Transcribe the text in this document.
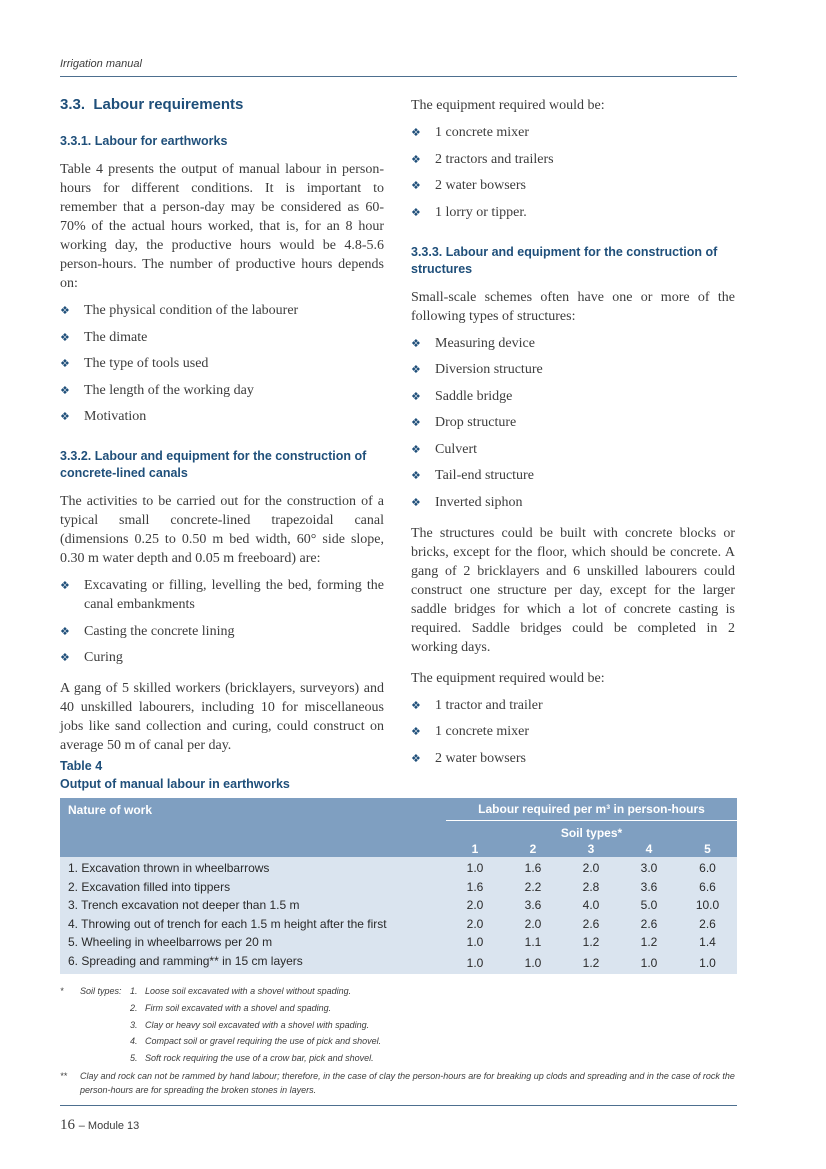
Irrigation manual
3.3.  Labour requirements
3.3.1. Labour for earthworks

Table 4 presents the output of manual labour in person-hours for different conditions. It is important to remember that a person-day may be considered as 60-70% of the actual hours worked, that is, for an 8 hour working day, the productive hours would be 4.8-5.6 person-hours. The number of productive hours depends on:

❖ The physical condition of the labourer
❖ The dimate
❖ The type of tools used
❖ The length of the working day
❖ Motivation
3.3.2. Labour and equipment for the construction of concrete-lined canals

The activities to be carried out for the construction of a typical small concrete-lined trapezoidal canal (dimensions 0.25 to 0.50 m bed width, 60° side slope, 0.30 m water depth and 0.05 m freeboard) are:

❖ Excavating or filling, levelling the bed, forming the canal embankments
❖ Casting the concrete lining
❖ Curing

A gang of 5 skilled workers (bricklayers, surveyors) and 40 unskilled labourers, including 10 for miscellaneous jobs like sand collection and curing, could construct on average 50 m of canal per day.

The equipment required would be:

❖ 1 concrete mixer
❖ 2 tractors and trailers
❖ 2 water bowsers
❖ 1 lorry or tipper.
3.3.3. Labour and equipment for the construction of structures

Small-scale schemes often have one or more of the following types of structures:

❖ Measuring device
❖ Diversion structure
❖ Saddle bridge
❖ Drop structure
❖ Culvert
❖ Tail-end structure
❖ Inverted siphon

The structures could be built with concrete blocks or bricks, except for the floor, which should be concrete. A gang of 2 bricklayers and 6 unskilled labourers could construct one structure per day, except for the larger saddle bridges for which a lot of concrete casting is required. Saddle bridges could be completed in 2 working days.

The equipment required would be:

❖ 1 tractor and trailer
❖ 1 concrete mixer
❖ 2 water bowsers
Table 4
Output of manual labour in earthworks
Nature of work	Labour required per m³ in person-hours				
	Soil types*				
	1	2	3	4	5
1. Excavation thrown in wheelbarrows	1.0	1.6	2.0	3.0	6.0
2. Excavation filled into tippers	1.6	2.2	2.8	3.6	6.6
3. Trench excavation not deeper than 1.5 m	2.0	3.6	4.0	5.0	10.0
4. Throwing out of trench for each 1.5 m height after the first	2.0	2.0	2.6	2.6	2.6
5. Wheeling in wheelbarrows per 20 m	1.0	1.1	1.2	1.2	1.4
6. Spreading and ramming** in 15 cm layers	1.0	1.0	1.2	1.0	1.0
* Soil types: 1.   Loose soil excavated with a shovel without spading.
2.   Firm soil excavated with a shovel and spading.
3.   Clay or heavy soil excavated with a shovel with spading.
4.   Compact soil or gravel requiring the use of pick and shovel.
5.   Soft rock requiring the use of a crow bar, pick and shovel.
** Clay and rock can not be rammed by hand labour; therefore, in the case of clay the person-hours are for breaking up clods and spreading and in the case of rock the person-hours are for spreading the broken stones in layers.
16 – Module 13
